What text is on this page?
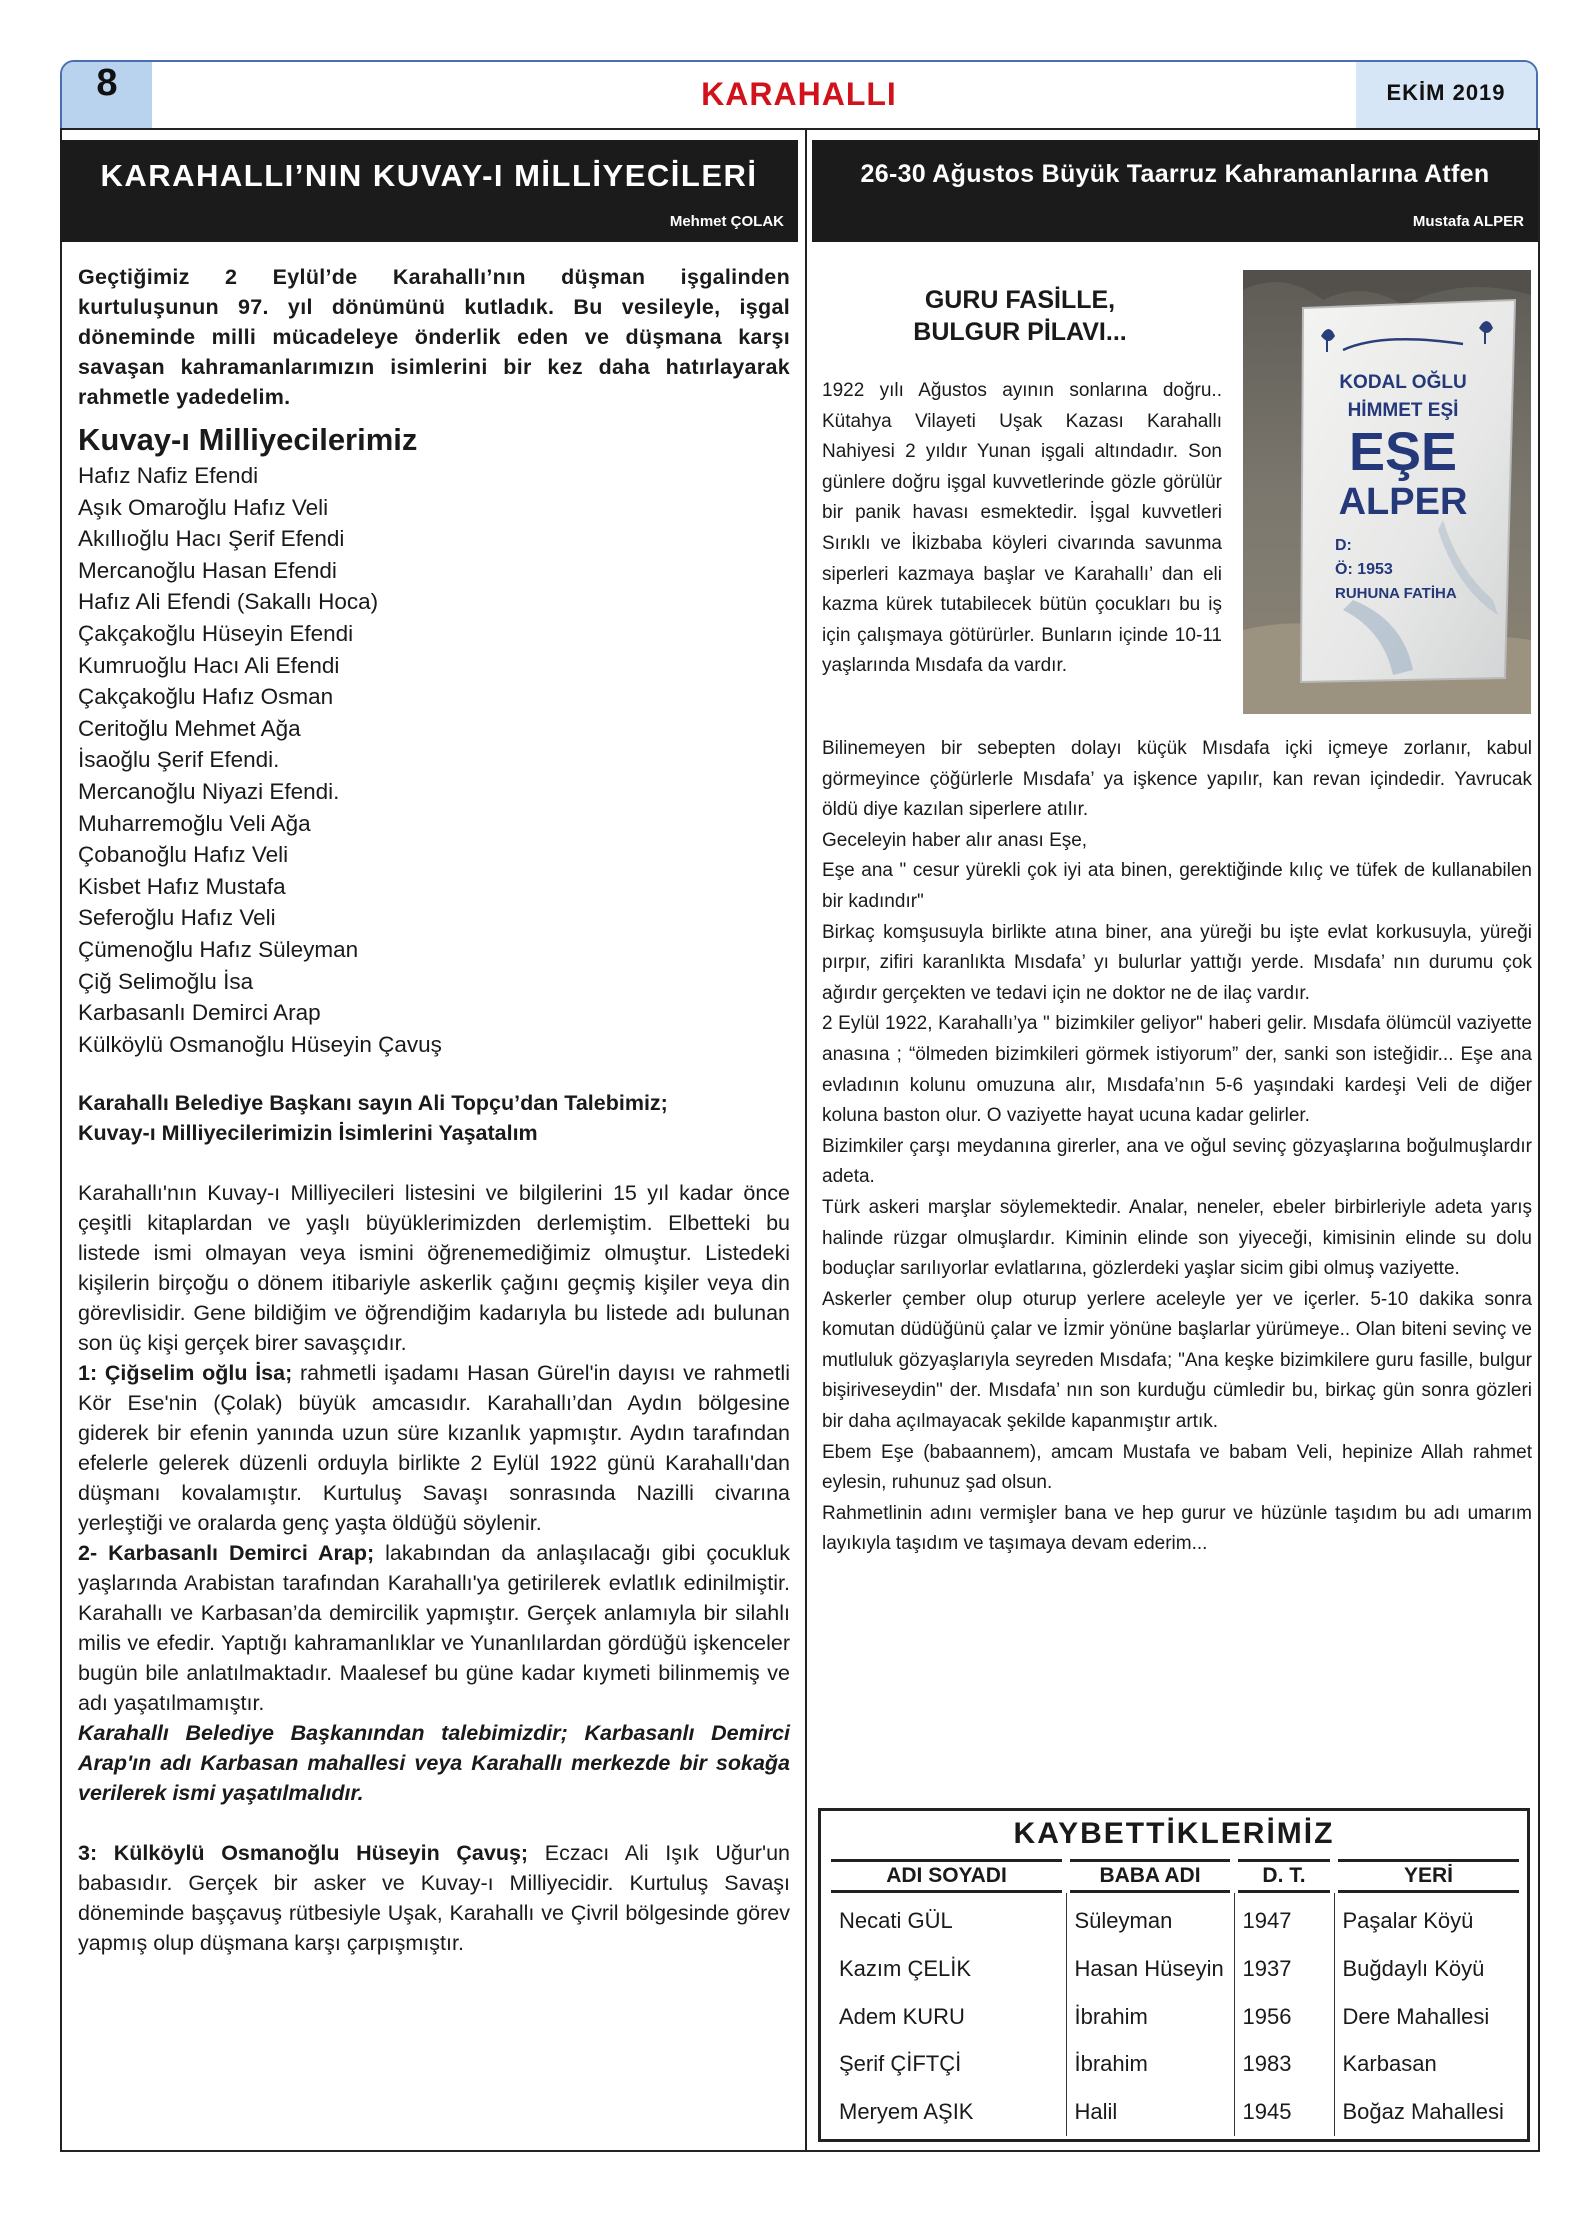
8	KARAHALLI	EKİM 2019
KARAHALLI’NIN KUVAY-I MİLLİYECİLERİ
Mehmet ÇOLAK
26-30 Ağustos Büyük Taarruz Kahramanlarına Atfen
Mustafa ALPER

Geçtiğimiz 2 Eylül’de Karahallı’nın düşman işgalinden kurtuluşunun 97. yıl dönümünü kutladık. Bu vesileyle, işgal döneminde milli mücadeleye önderlik eden ve düşmana karşı savaşan kahramanlarımızın isimlerini bir kez daha hatırlayarak rahmetle yadedelim.

Kuvay-ı Milliyecilerimiz
Hafız Nafiz Efendi
Aşık Omaroğlu Hafız Veli
Akıllıoğlu Hacı Şerif Efendi
Mercanoğlu Hasan Efendi
Hafız Ali Efendi (Sakallı Hoca)
Çakçakoğlu Hüseyin Efendi
Kumruoğlu Hacı Ali Efendi
Çakçakoğlu Hafız Osman
Ceritoğlu Mehmet Ağa
İsaoğlu Şerif Efendi.
Mercanoğlu Niyazi Efendi.
Muharremoğlu Veli Ağa
Çobanoğlu Hafız Veli
Kisbet Hafız Mustafa
Seferoğlu Hafız Veli
Çümenoğlu Hafız Süleyman
Çiğ Selimoğlu İsa
Karbasanlı Demirci Arap
Külköylü Osmanoğlu Hüseyin Çavuş
Karahallı Belediye Başkanı sayın Ali Topçu’dan Talebimiz;
Kuvay-ı Milliyecilerimizin İsimlerini Yaşatalım

Karahallı'nın Kuvay-ı Milliyecileri listesini ve bilgilerini 15 yıl kadar önce çeşitli kitaplardan ve yaşlı büyüklerimizden derlemiştim. Elbetteki bu listede ismi olmayan veya ismini öğrenemediğimiz olmuştur. Listedeki kişilerin birçoğu o dönem itibariyle askerlik çağını geçmiş kişiler veya din görevlisidir. Gene bildiğim ve öğrendiğim kadarıyla bu listede adı bulunan son üç kişi gerçek birer savaşçıdır.

1: Çiğselim oğlu İsa; rahmetli işadamı Hasan Gürel'in dayısı ve rahmetli Kör Ese'nin (Çolak) büyük amcasıdır. Karahallı’dan Aydın bölgesine giderek bir efenin yanında uzun süre kızanlık yapmıştır. Aydın tarafından efelerle gelerek düzenli orduyla birlikte 2 Eylül 1922 günü Karahallı'dan düşmanı kovalamıştır. Kurtuluş Savaşı sonrasında Nazilli civarına yerleştiği ve oralarda genç yaşta öldüğü söylenir.

2- Karbasanlı Demirci Arap; lakabından da anlaşılacağı gibi çocukluk yaşlarında Arabistan tarafından Karahallı'ya getirilerek evlatlık edinilmiştir. Karahallı ve Karbasan’da demircilik yapmıştır. Gerçek anlamıyla bir silahlı milis ve efedir. Yaptığı kahramanlıklar ve Yunanlılardan gördüğü işkenceler bugün bile anlatılmaktadır. Maalesef bu güne kadar kıymeti bilinmemiş ve adı yaşatılmamıştır.

Karahallı Belediye Başkanından talebimizdir; Karbasanlı Demirci Arap'ın adı Karbasan mahallesi veya Karahallı merkezde bir sokağa verilerek ismi yaşatılmalıdır.

3: Külköylü Osmanoğlu Hüseyin Çavuş; Eczacı Ali Işık Uğur'un babasıdır. Gerçek bir asker ve Kuvay-ı Milliyecidir. Kurtuluş Savaşı döneminde başçavuş rütbesiyle Uşak, Karahallı ve Çivril bölgesinde görev yapmış olup düşmana karşı çarpışmıştır.

GURU FASİLLE,
BULGUR PİLAVI...

1922 yılı Ağustos ayının sonlarına doğru.. Kütahya Vilayeti Uşak Kazası Karahallı Nahiyesi 2 yıldır Yunan işgali altındadır. Son günlere doğru işgal kuvvetlerinde gözle görülür bir panik havası esmektedir. İşgal kuvvetleri Sırıklı ve İkizbaba köyleri civarında savunma siperleri kazmaya başlar ve Karahallı’ dan eli kazma kürek tutabilecek bütün çocukları bu iş için çalışmaya götürürler. Bunların içinde 10-11 yaşlarında Mısdafa da vardır.

KODAL OĞLU
HİMMET EŞİ
EŞE
ALPER
D:
Ö: 1953
RUHUNA FATİHA

Bilinemeyen bir sebepten dolayı küçük Mısdafa içki içmeye zorlanır, kabul görmeyince çöğürlerle Mısdafa’ ya işkence yapılır, kan revan içindedir. Yavrucak öldü diye kazılan siperlere atılır.

Geceleyin haber alır anası Eşe,

Eşe ana " cesur yürekli çok iyi ata binen, gerektiğinde kılıç ve tüfek de kullanabilen bir kadındır"

Birkaç komşusuyla birlikte atına biner, ana yüreği bu işte evlat korkusuyla, yüreği pırpır, zifiri karanlıkta Mısdafa’ yı bulurlar yattığı yerde. Mısdafa’ nın durumu çok ağırdır gerçekten ve tedavi için ne doktor ne de ilaç vardır.

2 Eylül 1922, Karahallı’ya " bizimkiler geliyor" haberi gelir. Mısdafa ölümcül vaziyette anasına ; “ölmeden bizimkileri görmek istiyorum” der, sanki son isteğidir... Eşe ana evladının kolunu omuzuna alır, Mısdafa’nın 5-6 yaşındaki kardeşi Veli de diğer koluna baston olur. O vaziyette hayat ucuna kadar gelirler.

Bizimkiler çarşı meydanına girerler, ana ve oğul sevinç gözyaşlarına boğulmuşlardır adeta.

Türk askeri marşlar söylemektedir. Analar, neneler, ebeler birbirleriyle adeta yarış halinde rüzgar olmuşlardır. Kiminin elinde son yiyeceği, kimisinin elinde su dolu boduçlar sarılıyorlar evlatlarına, gözlerdeki yaşlar sicim gibi olmuş vaziyette.

Askerler çember olup oturup yerlere aceleyle yer ve içerler. 5-10 dakika sonra komutan düdüğünü çalar ve İzmir yönüne başlarlar yürümeye.. Olan biteni sevinç ve mutluluk gözyaşlarıyla seyreden Mısdafa; "Ana keşke bizimkilere guru fasille, bulgur bişiriveseydin" der. Mısdafa’ nın son kurduğu cümledir bu, birkaç gün sonra gözleri bir daha açılmayacak şekilde kapanmıştır artık.

Ebem Eşe (babaannem), amcam Mustafa ve babam Veli, hepinize Allah rahmet eylesin, ruhunuz şad olsun.

Rahmetlinin adını vermişler bana ve hep gurur ve hüzünle taşıdım bu adı umarım layıkıyla taşıdım ve taşımaya devam ederim...

KAYBETTİKLERİMİZ
ADI SOYADI	BABA ADI	D. T.	YERİ
Necati GÜL	Süleyman	1947	Paşalar Köyü
Kazım ÇELİK	Hasan Hüseyin	1937	Buğdaylı Köyü
Adem KURU	İbrahim	1956	Dere Mahallesi
Şerif ÇİFTÇİ	İbrahim	1983	Karbasan
Meryem AŞIK	Halil	1945	Boğaz Mahallesi
